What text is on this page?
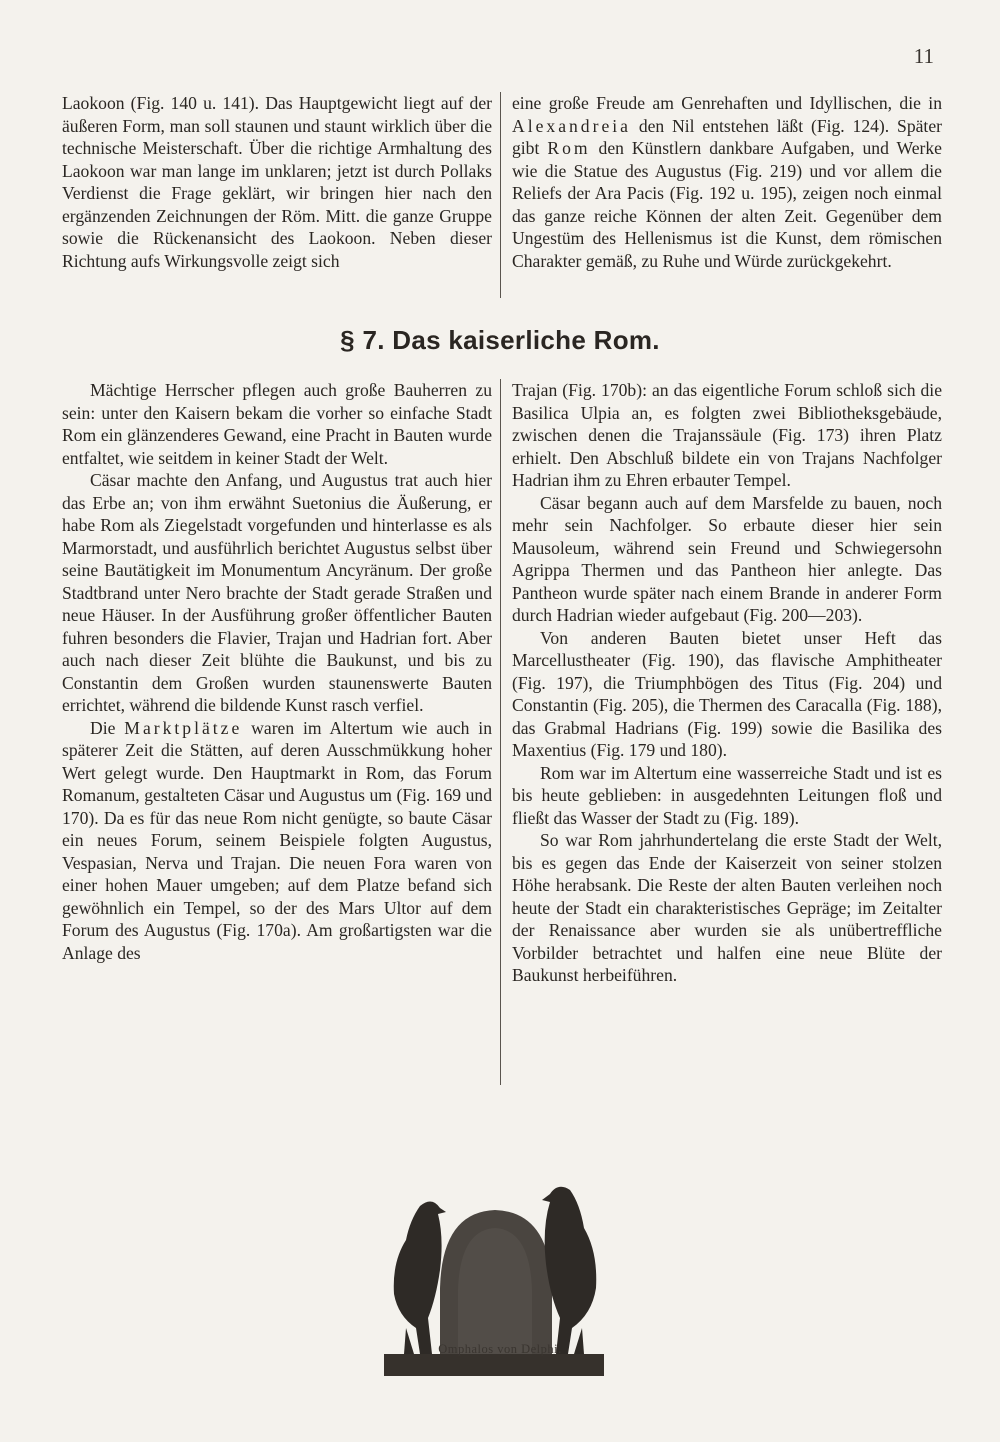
11

Laokoon (Fig. 140 u. 141). Das Hauptgewicht liegt auf der äußeren Form, man soll staunen und staunt wirklich über die technische Meisterschaft. Über die richtige Armhaltung des Laokoon war man lange im unklaren; jetzt ist durch Pollaks Verdienst die Frage geklärt, wir bringen hier nach den ergänzenden Zeichnungen der Röm. Mitt. die ganze Gruppe sowie die Rückenansicht des Laokoon. Neben dieser Richtung aufs Wirkungsvolle zeigt sich

eine große Freude am Genrehaften und Idyllischen, die in Alexandreia den Nil entstehen läßt (Fig. 124). Später gibt Rom den Künstlern dankbare Aufgaben, und Werke wie die Statue des Augustus (Fig. 219) und vor allem die Reliefs der Ara Pacis (Fig. 192 u. 195), zeigen noch einmal das ganze reiche Können der alten Zeit. Gegenüber dem Ungestüm des Hellenismus ist die Kunst, dem römischen Charakter gemäß, zu Ruhe und Würde zurückgekehrt.

§ 7. Das kaiserliche Rom.

Mächtige Herrscher pflegen auch große Bauherren zu sein: unter den Kaisern bekam die vorher so einfache Stadt Rom ein glänzenderes Gewand, eine Pracht in Bauten wurde entfaltet, wie seitdem in keiner Stadt der Welt.

Cäsar machte den Anfang, und Augustus trat auch hier das Erbe an; von ihm erwähnt Suetonius die Äußerung, er habe Rom als Ziegelstadt vorgefunden und hinterlasse es als Marmorstadt, und ausführlich berichtet Augustus selbst über seine Bautätigkeit im Monumentum Ancyränum. Der große Stadtbrand unter Nero brachte der Stadt gerade Straßen und neue Häuser. In der Ausführung großer öffentlicher Bauten fuhren besonders die Flavier, Trajan und Hadrian fort. Aber auch nach dieser Zeit blühte die Baukunst, und bis zu Constantin dem Großen wurden staunenswerte Bauten errichtet, während die bildende Kunst rasch verfiel.

Die Marktplätze waren im Altertum wie auch in späterer Zeit die Stätten, auf deren Ausschmükkung hoher Wert gelegt wurde. Den Hauptmarkt in Rom, das Forum Romanum, gestalteten Cäsar und Augustus um (Fig. 169 und 170). Da es für das neue Rom nicht genügte, so baute Cäsar ein neues Forum, seinem Beispiele folgten Augustus, Vespasian, Nerva und Trajan. Die neuen Fora waren von einer hohen Mauer umgeben; auf dem Platze befand sich gewöhnlich ein Tempel, so der des Mars Ultor auf dem Forum des Augustus (Fig. 170a). Am großartigsten war die Anlage des

Trajan (Fig. 170b): an das eigentliche Forum schloß sich die Basilica Ulpia an, es folgten zwei Bibliotheksgebäude, zwischen denen die Trajanssäule (Fig. 173) ihren Platz erhielt. Den Abschluß bildete ein von Trajans Nachfolger Hadrian ihm zu Ehren erbauter Tempel.

Cäsar begann auch auf dem Marsfelde zu bauen, noch mehr sein Nachfolger. So erbaute dieser hier sein Mausoleum, während sein Freund und Schwiegersohn Agrippa Thermen und das Pantheon hier anlegte. Das Pantheon wurde später nach einem Brande in anderer Form durch Hadrian wieder aufgebaut (Fig. 200—203).

Von anderen Bauten bietet unser Heft das Marcellustheater (Fig. 190), das flavische Amphitheater (Fig. 197), die Triumphbögen des Titus (Fig. 204) und Constantin (Fig. 205), die Thermen des Caracalla (Fig. 188), das Grabmal Hadrians (Fig. 199) sowie die Basilika des Maxentius (Fig. 179 und 180).

Rom war im Altertum eine wasserreiche Stadt und ist es bis heute geblieben: in ausgedehnten Leitungen floß und fließt das Wasser der Stadt zu (Fig. 189).

So war Rom jahrhundertelang die erste Stadt der Welt, bis es gegen das Ende der Kaiserzeit von seiner stolzen Höhe herabsank. Die Reste der alten Bauten verleihen noch heute der Stadt ein charakteristisches Gepräge; im Zeitalter der Renaissance aber wurden sie als unübertreffliche Vorbilder betrachtet und halfen eine neue Blüte der Baukunst herbeiführen.

Omphalos von Delphi.
